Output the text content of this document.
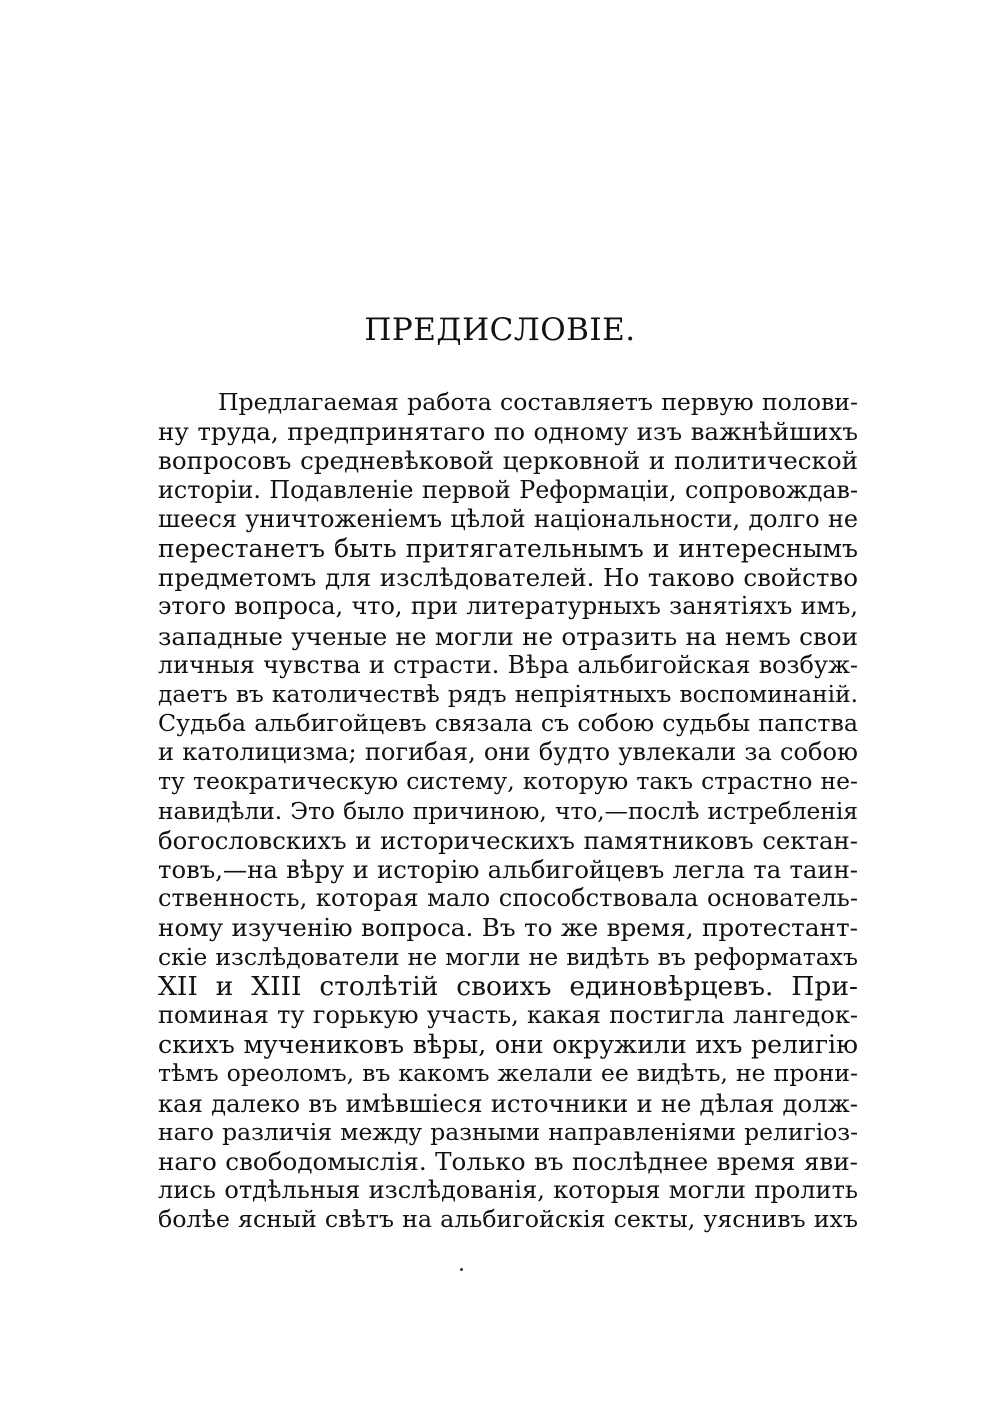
ПРЕДИСЛОВІЕ.
Предлагаемая работа составляетъ первую полови-
ну труда, предпринятаго по одному изъ важнѣйшихъ
вопросовъ средневѣковой церковной и политической
исторіи. Подавленіе первой Реформаціи, сопровождав-
шееся уничтоженіемъ цѣлой національности, долго не
перестанетъ быть притягательнымъ и интереснымъ
предметомъ для изслѣдователей. Но таково свойство
этого вопроса, что, при литературныхъ занятіяхъ имъ,
западные ученые не могли не отразить на немъ свои
личныя чувства и страсти. Вѣра альбигойская возбуж-
даетъ въ католичествѣ рядъ непріятныхъ воспоминаній.
Судьба альбигойцевъ связала съ собою судьбы папства
и католицизма; погибая, они будто увлекали за собою
ту теократическую систему, которую такъ страстно не-
навидѣли. Это было причиною, что,—послѣ истребленія
богословскихъ и историческихъ памятниковъ сектан-
товъ,—на вѣру и исторію альбигойцевъ легла та таин-
ственность, которая мало способствовала основатель-
ному изученію вопроса. Въ то же время, протестант-
скіе изслѣдователи не могли не видѣть въ реформатахъ
XII и XIII столѣтій своихъ единовѣрцевъ. При-
поминая ту горькую участь, какая постигла лангедок-
скихъ мучениковъ вѣры, они окружили ихъ религію
тѣмъ ореоломъ, въ какомъ желали ее видѣть, не прони-
кая далеко въ имѣвшіеся источники и не дѣлая долж-
наго различія между разными направленіями религіоз-
наго свободомыслія. Только въ послѣднее время яви-
лись отдѣльныя изслѣдованія, которыя могли пролить
болѣе ясный свѣтъ на альбигойскія секты, уяснивъ ихъ
